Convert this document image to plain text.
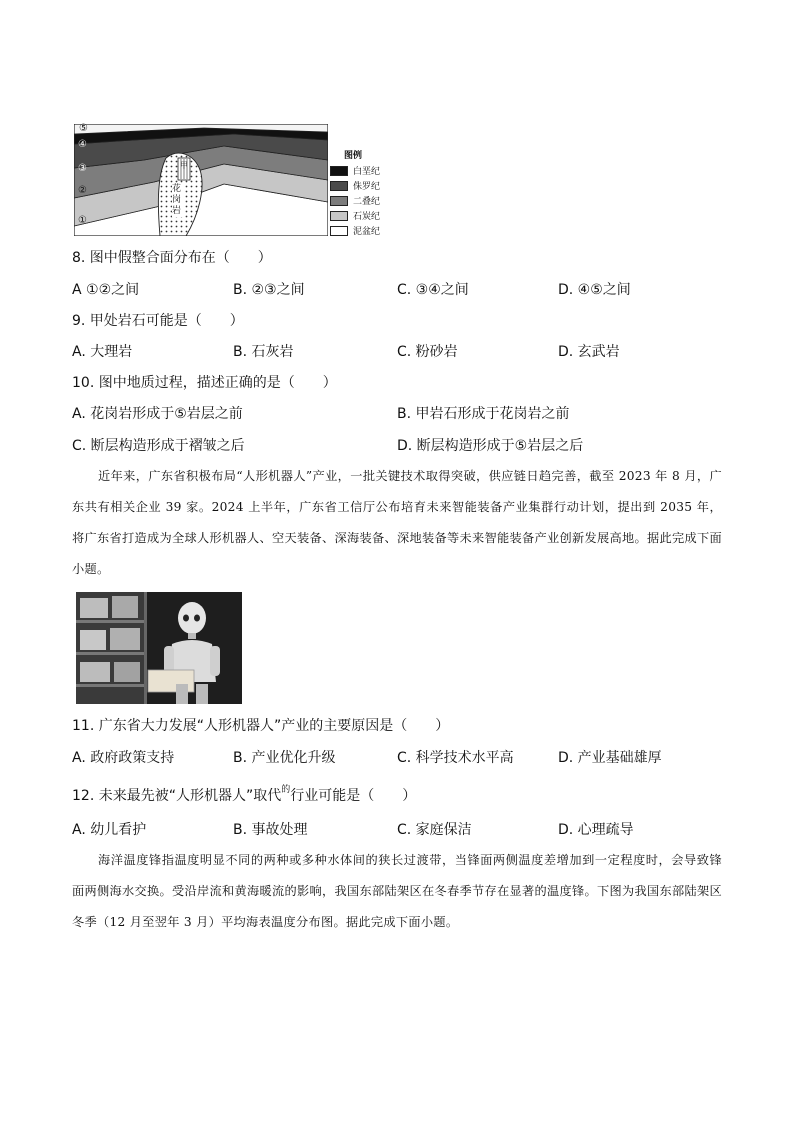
⑤
④
③
②
①
花岗岩
甲
图例
白垩纪
侏罗纪
二叠纪
石炭纪
泥盆纪
8. 图中假整合面分布在（　　）
A ①②之间	B. ②③之间	C. ③④之间	D. ④⑤之间
9. 甲处岩石可能是（　　）
A. 大理岩	B. 石灰岩	C. 粉砂岩	D. 玄武岩
10. 图中地质过程，描述正确的是（　　）
A. 花岗岩形成于⑤岩层之前	B. 甲岩石形成于花岗岩之前
C. 断层构造形成于褶皱之后	D. 断层构造形成于⑤岩层之后
近年来，广东省积极布局“人形机器人”产业，一批关键技术取得突破，供应链日趋完善，截至 2023 年 8 月，广东共有相关企业 39 家。2024 上半年，广东省工信厅公布培育未来智能装备产业集群行动计划，提出到 2035 年，将广东省打造成为全球人形机器人、空天装备、深海装备、深地装备等未来智能装备产业创新发展高地。据此完成下面小题。
11. 广东省大力发展“人形机器人”产业的主要原因是（　　）
A. 政府政策支持	B. 产业优化升级	C. 科学技术水平高	D. 产业基础雄厚
12. 未来最先被“人形机器人”取代$^的$行业可能是（　　）
A. 幼儿看护	B. 事故处理	C. 家庭保洁	D. 心理疏导
海洋温度锋指温度明显不同的两种或多种水体间的狭长过渡带，当锋面两侧温度差增加到一定程度时，会导致锋面两侧海水交换。受沿岸流和黄海暖流的影响，我国东部陆架区在冬春季节存在显著的温度锋。下图为我国东部陆架区冬季（12 月至翌年 3 月）平均海表温度分布图。据此完成下面小题。
